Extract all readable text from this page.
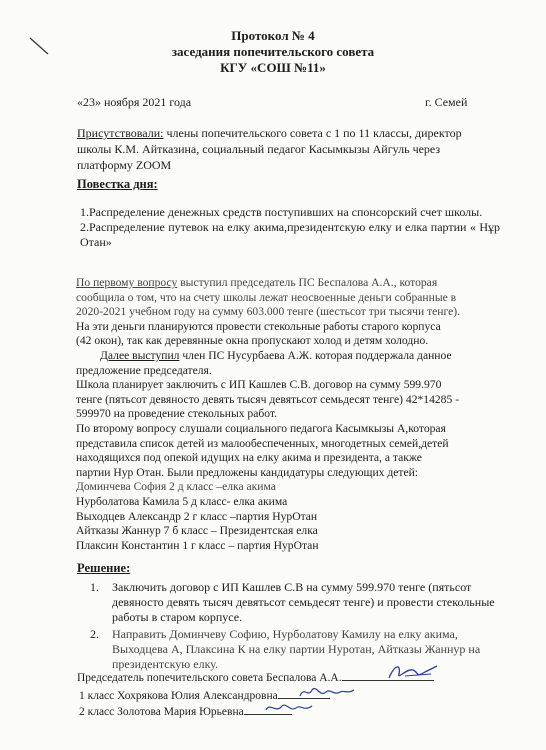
Протокол № 4
заседания попечительского совета
КГУ «СОШ №11»
«23» ноября 2021 года	г. Семей
Присутствовали: члены попечительского совета с 1 по 11 классы, директор
школы К.М. Айтказина, социальный педагог Касымкызы Айгуль через
платформу ZOOM
Повестка дня:

1.Распределение денежных средств поступивших на спонсорский счет школы.

2.Распределение путевок на елку акима,президентскую елку и елка партии « Нұр Отан»

По первому вопросу выступил председатель ПС Беспалова А.А., которая
сообщила о том, что на счету школы лежат неосвоенные деньги собранные в
2020-2021 учебном году на сумму 603.000 тенге (шестьсот три тысячи тенге).
На эти деньги планируются провести стекольные работы старого корпуса
(42 окон), так как деревянные окна пропускают холод и детям холодно.
Далее выступил член ПС Нусурбаева А.Ж. которая поддержала данное
предложение председателя.
Школа планирует заключить с ИП Кашлев С.В. договор на сумму 599.970
тенге (пятьсот девяносто девять тысяч девятьсот семьдесят тенге) 42*14285 -
599970 на проведение стекольных работ.
По второму вопросу слушали социального педагога Касымкызы А,которая
представила список детей из малообеспеченных, многодетных семей,детей
находящихся под опекой идущих на елку акима и президента, а также
партии Нур Отан. Были предложены кандидатуры следующих детей:
Доминчева София 2 д класс –елка акима
Нурболатова Камила 5 д класс- елка акима
Выходцев Александр 2 г класс –партия НурОтан
Айтказы Жаннур 7 б класс – Президентская елка
Плаксин Константин 1 г класс – партия НурОтан
Решение:
1. Заключить договор с ИП Кашлев С.В на сумму 599.970 тенге (пятьсот девяносто девять тысяч девятьсот семьдесят тенге) и провести стекольные работы в старом корпусе.
2. Направить Доминчеву Софию, Нурболатову Камилу на елку акима, Выходцева А, Плаксина К на елку партии Нуротан, Айтказы Жаннур на президентскую елку.
Председатель попечительского совета Беспалова А.А.
1 класс Хохрякова Юлия Александровна
2 класс Золотова Мария Юрьевна
